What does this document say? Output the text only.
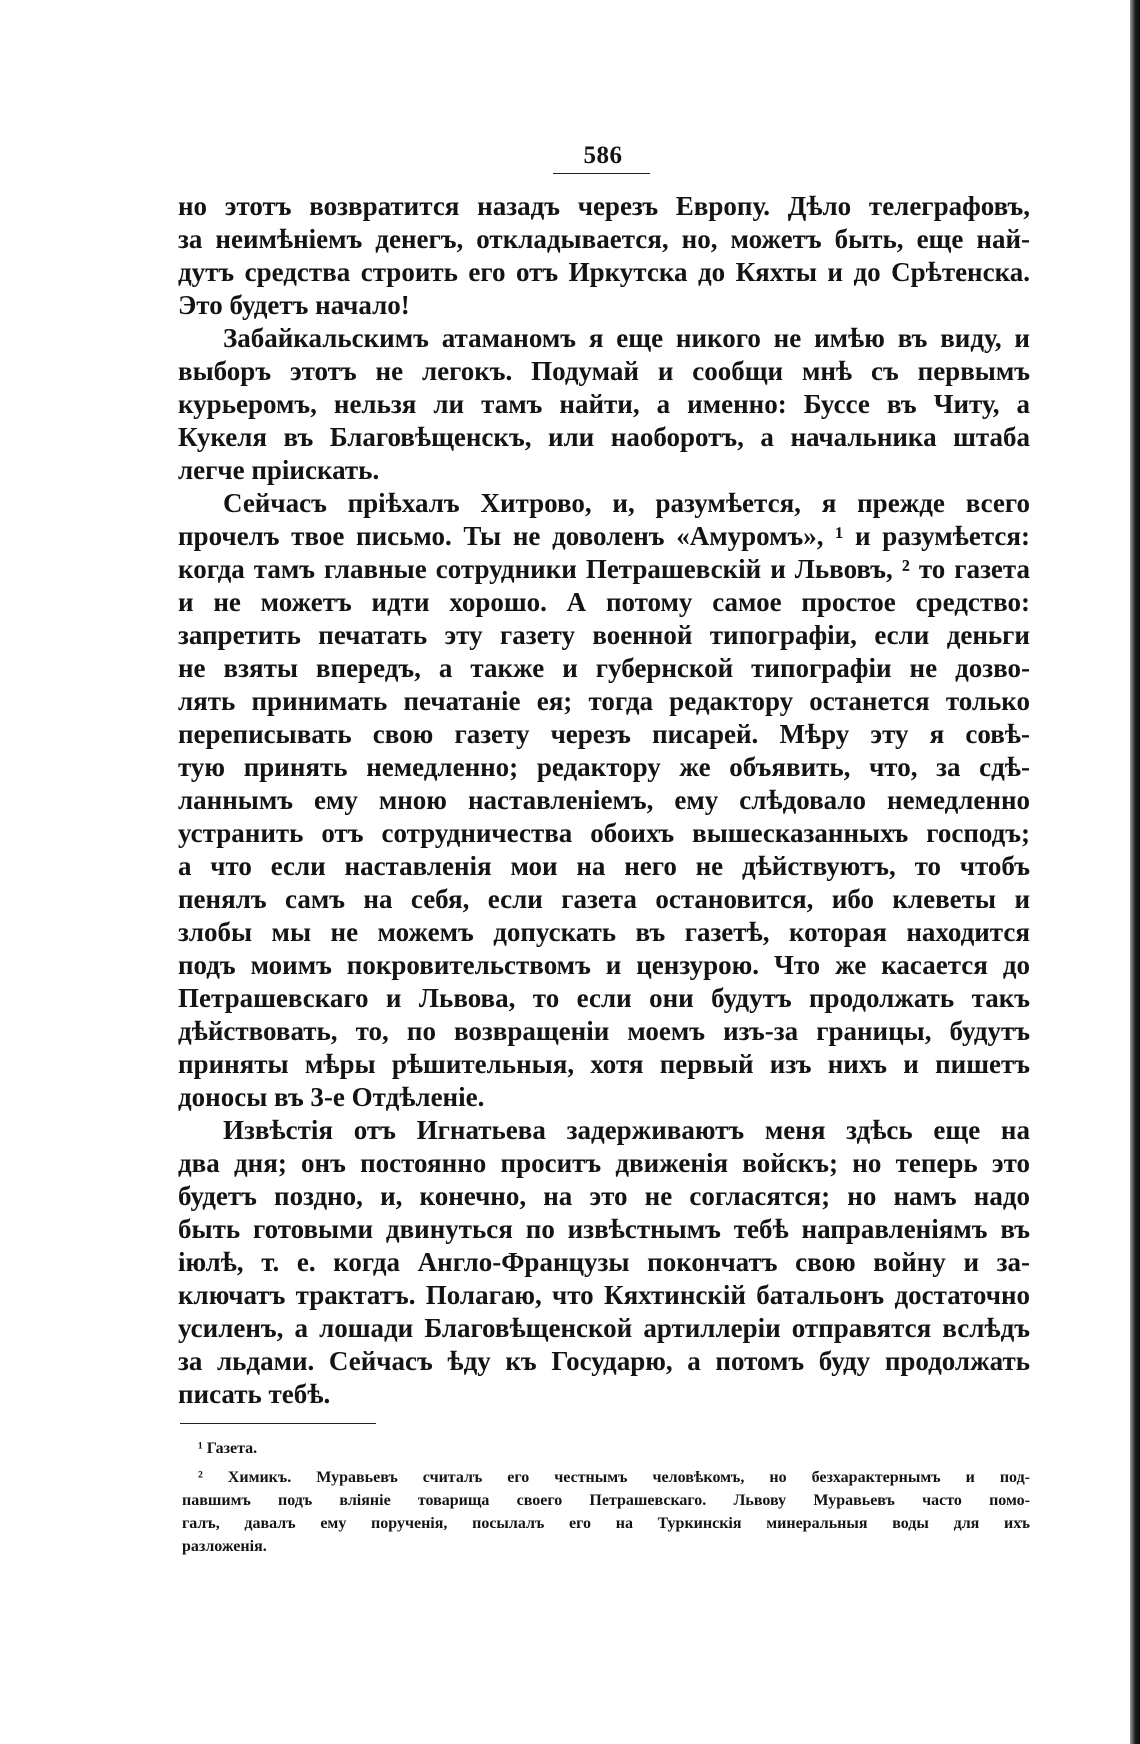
586
но этотъ возвратится назадъ черезъ Европу. Дѣло телеграфовъ,
за неимѣніемъ денегъ, откладывается, но, можетъ быть, еще най-
дутъ средства строить его отъ Иркутска до Кяхты и до Срѣтенска.
Это будетъ начало!
Забайкальскимъ атаманомъ я еще никого не имѣю въ виду, и
выборъ этотъ не легокъ. Подумай и сообщи мнѣ съ первымъ
курьеромъ, нельзя ли тамъ найти, а именно: Буссе въ Читу, а
Кукеля въ Благовѣщенскъ, или наоборотъ, а начальника штаба
легче пріискать.
Сейчасъ пріѣхалъ Хитрово, и, разумѣется, я прежде всего
прочелъ твое письмо. Ты не доволенъ «Амуромъ», ¹ и разумѣется:
когда тамъ главные сотрудники Петрашевскій и Львовъ, ² то газета
и не можетъ идти хорошо. А потому самое простое средство:
запретить печатать эту газету военной типографіи, если деньги
не взяты впередъ, а также и губернской типографіи не дозво-
лять принимать печатаніе ея; тогда редактору останется только
переписывать свою газету черезъ писарей. Мѣру эту я совѣ-
тую принять немедленно; редактору же объявить, что, за сдѣ-
ланнымъ ему мною наставленіемъ, ему слѣдовало немедленно
устранить отъ сотрудничества обоихъ вышесказанныхъ господъ;
а что если наставленія мои на него не дѣйствуютъ, то чтобъ
пенялъ самъ на себя, если газета остановится, ибо клеветы и
злобы мы не можемъ допускать въ газетѣ, которая находится
подъ моимъ покровительствомъ и цензурою. Что же касается до
Петрашевскаго и Львова, то если они будутъ продолжать такъ
дѣйствовать, то, по возвращеніи моемъ изъ-за границы, будутъ
приняты мѣры рѣшительныя, хотя первый изъ нихъ и пишетъ
доносы въ 3-е Отдѣленіе.
Извѣстія отъ Игнатьева задерживаютъ меня здѣсь еще на
два дня; онъ постоянно проситъ движенія войскъ; но теперь это
будетъ поздно, и, конечно, на это не согласятся; но намъ надо
быть готовыми двинуться по извѣстнымъ тебѣ направленіямъ въ
іюлѣ, т. е. когда Англо-Французы покончатъ свою войну и за-
ключатъ трактатъ. Полагаю, что Кяхтинскій батальонъ достаточно
усиленъ, а лошади Благовѣщенской артиллеріи отправятся вслѣдъ
за льдами. Сейчасъ ѣду къ Государю, а потомъ буду продолжать
писать тебѣ.
¹ Газета.
² Химикъ. Муравьевъ считалъ его честнымъ человѣкомъ, но безхарактернымъ и под-
павшимъ подъ вліяніе товарища своего Петрашевскаго. Львову Муравьевъ часто помо-
галъ, давалъ ему порученія, посылалъ его на Туркинскія минеральныя воды для ихъ
разложенія.
